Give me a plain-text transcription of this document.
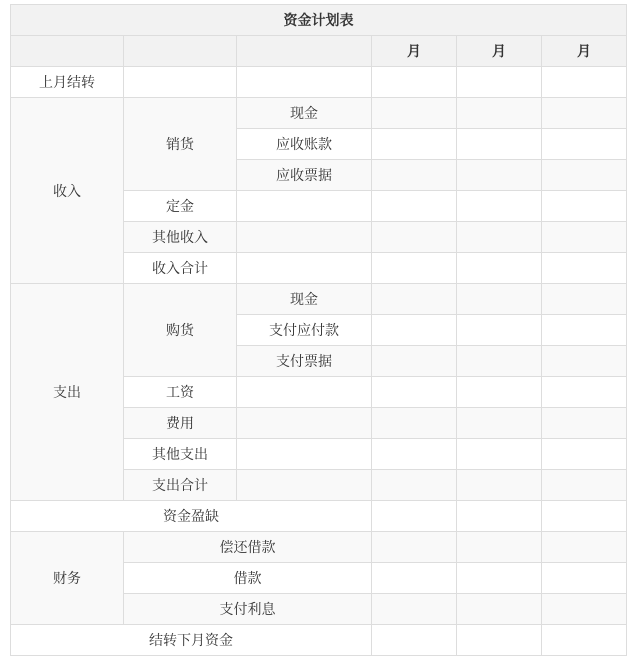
资金计划表					
			月	月	月
上月结转					
收入	销货	现金			
		应收账款			
		应收票据			
	定金				
	其他收入				
	收入合计				
支出	购货	现金			
		支付应付款			
		支付票据			
	工资				
	费用				
	其他支出				
	支出合计				
资金盈缺					
财务	偿还借款				
	借款				
	支付利息				
结转下月资金					
